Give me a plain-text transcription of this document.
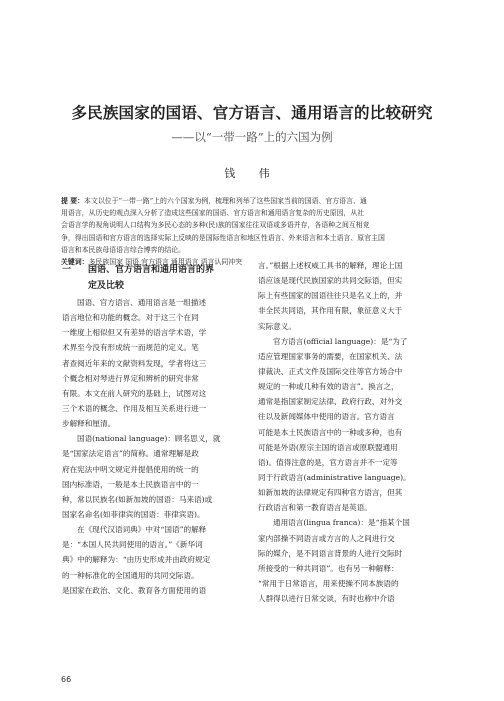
多民族国家的国语、官方语言、通用语言的比较研究

——以“一带一路”上的六国为例

钱 伟

提 要：本文以位于“一带一路”上的六个国家为例，梳理和列举了这些国家当前的国语、官方语言、通
用语言，从历史的观点深入分析了造成这些国家的国语、官方语言和通用语言复杂的历史原因，从社
会语言学的视角说明人口结构为多民心态的多种(民)族的国家往往双语或多语并存，各语种之间互相竞
争，得出国语和官方语言的选择实际上反映的是国际性语言和地区性语言、外来语言和本土语言、原官主国
语言和本民族母语语言综合博弈的结论。
关键词：多民族国家 国语 官方语言 通用语言 语言认同冲突
一 国语、官方语言和通用语言的界
定及比较
国语、官方语言、通用语言是一组描述
语言地位和功能的概念。对于这三个在同
一维度上相似但又有差异的语言学术语，学
术界至今没有形成统一而规范的定义。笔
者查阅近年来的文献资料发现，学者将这三
个概念相对琴进行界定和辨析的研究非常
有限。本文在前人研究的基础上，试图对这
三个术语的概念、作用及相互关系进行进一
步解释和厘清。
国语(national language)：顾名思义，就
是“国家法定语言”的简称。通常理解是政
府在宪法中明文规定并提倡使用的统一的
国内标准语，一般是本土民族语言中的一
种，常以民族名(如新加坡的国语：马来语)或
国家名命名(如菲律宾的国语：菲律宾语)。
在《现代汉语词典》中对“国语”的解释
是：“本国人民共同使用的语言。”《新华词
典》中的解释为：“由历史形成并由政府规定
的一种标准化的全国通用的共同交际语。
是国家在政治、文化、教育各方面使用的语
言。”根据上述权威工具书的解释，理论上国
语应该是现代民族国家的共同交际语，但实
际上有些国家的国语往往只是名义上的，并
非全民共同语，其作用有限，象征意义大于
实际意义。
官方语言(official language)：是“为了
适应管理国家事务的需要，在国家机关、法
律裁决、正式文件及国际交往等官方场合中
规定的一种或几种有效的语言”。换言之，
通常是指国家制定法律、政府行政、对外交
往以及新闻媒体中使用的语言。官方语言
可能是本土民族语言中的一种或多种，也有
可能是外语(原宗主国的语言或原联盟通用
语)。值得注意的是，官方语言并不一定等
同于行政语言(administrative language)。
如新加坡的法律规定有四种官方语言，但其
行政语言和第一教育语言是英语。
通用语言(lingua franca)：是“指某个国
家内部操不同语言或方言的人之间进行交
际的媒介，是不同语言背景的人进行交际时
所接受的一种共同语”。也有另一种解释：
“常用于日常语言，用来使操不同本族语的
人群得以进行日常交谈，有时也称中介语
66
